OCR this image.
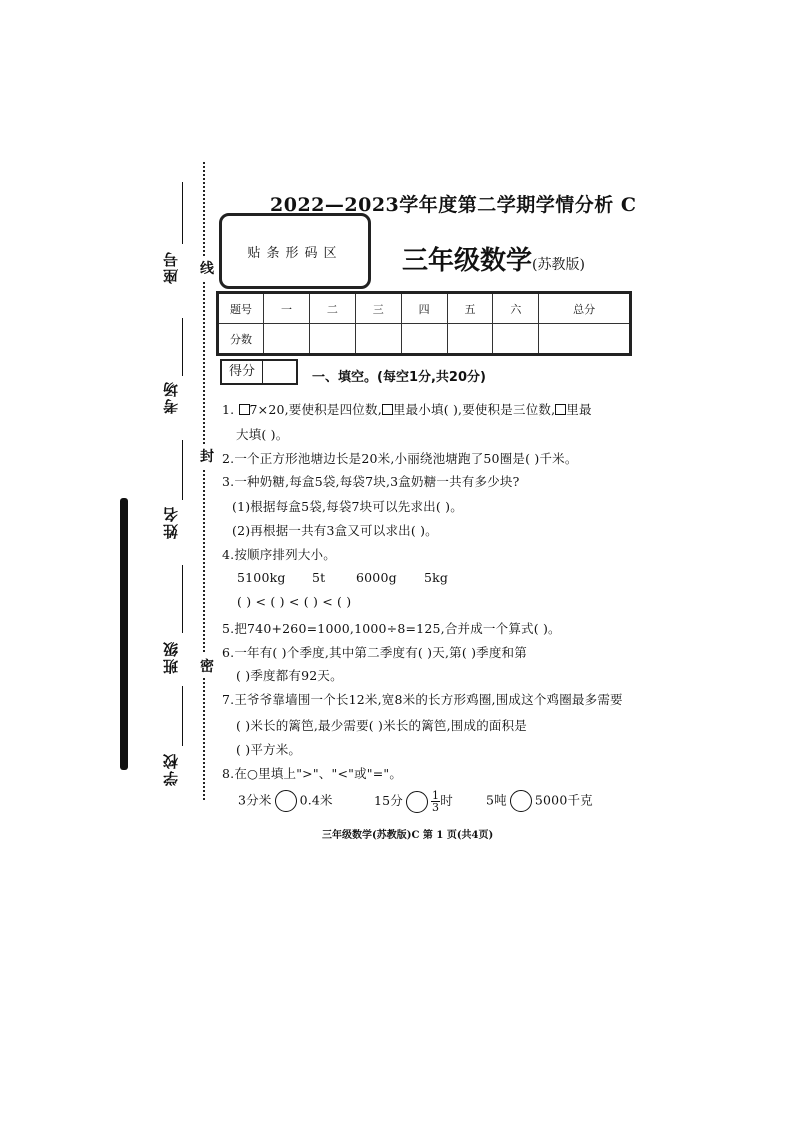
座号
考场
姓名
班级
学校
线
封
密
2022—2023学年度第二学期学情分析 C
贴条形码区	三年级数学(苏教版)
题号	一	二	三	四	五	六	总分
分数							
得分	一、填空。(每空1分,共20分)
1. 7×20,要使积是四位数, 里最小填( ),要使积是三位数, 里最
大填( )。
2.一个正方形池塘边长是20米,小丽绕池塘跑了50圈是( )千米。
3.一种奶糖,每盒5袋,每袋7块,3盒奶糖一共有多少块?
(1)根据每盒5袋,每袋7块可以先求出( )。
(2)再根据一共有3盒又可以求出( )。
4.按顺序排列大小。
5100kg 5t 6000g 5kg
( ) < ( ) < ( ) < ( )
5.把740+260=1000,1000÷8=125,合并成一个算式( )。
6.一年有( )个季度,其中第二季度有( )天,第( )季度和第
( )季度都有92天。
7.王爷爷靠墙围一个长12米,宽8米的长方形鸡圈,围成这个鸡圈最多需要
( )米长的篱笆,最少需要( )米长的篱笆,围成的面积是
( )平方米。
8.在○里填上">"、"<"或"="。
3分米 0.4米	15分	$\frac{1}{3}$ 时	5吨 5000千克
三年级数学(苏教版)C 第 1 页(共4页)
